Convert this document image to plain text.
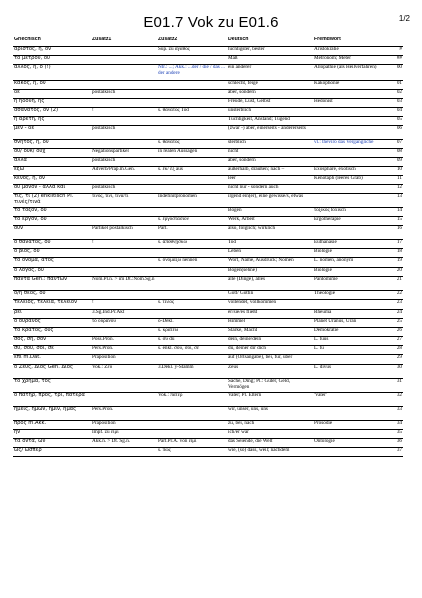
E01.7 Vok zu E01.6	1/2
Griechisch	Zusatz1	Zusatz2	Deutsch	Fremdwort	
ἄριστος, η, ον		Sup. zu ἀγαθός	tüchtigster, bester	Aristokratie	#
τὸ μέτρον, ου			Maß	Metronom; Meter	##
ἄλλος, η, ο (!)		Ntr.: ...; Akk.: ...der / die / das ... der andere	ein anderer	Allopathie (als Heilverfahren)	00
κακός, ή, όν			schlecht, feige	Kakophonie	01
δέ	postalkisch		aber, sondern		02
ἡ ἡδονή, ῆς			Freude, Lust, Gelbst	Hedonist	03
ἀθάνατος, ον (2)	!	s. θάνατος Tod	unsterblich		04
ἡ ἀρετή, ῆς			Tüchtigkeit, Anstand; Tugend		05
μέν - δέ	postalkisch		(zwar -) aber, einerseits - andererseits		06
θνητός, ή, όν		s. θάνατος	sterblich	vl.: theviro das Vergängliche	07
οὐ/ οὐκ/ οὐχ	Negationspartikel	in realen Aussagen	nicht		08
ἀλλά	postalkisch		aber, sondern		09
ἔξω	Adverb/Präp.m.Gen.	s. ἐκ/ ἐξ aus	außerhalb, draußen; nach –	Exosphäre, exotisch	10
κενός, ή, όν			leer	Kenotaph (leeres Grab)	11
οὐ μόνον - ἀλλὰ καί	postalkisch		nicht nur - sondern auch		12
τις, τι (2) enklitisch Pl. τινές/τινά	τινός, τινί, τινά/τι	Indefinitpronomen	irgend ein(er), eine gewisse/s, etwas		13
τὸ τόξον, ου			Bogen	τοξικός toxisch	14
τὸ ἔργον, ου		s. ἐργοστάσιον	Werk, Arbeit	Ergotherapie	15
οὖν	Partikel postalkisch	Part.	also, folglich; wirklich		16
ὁ θάνατος, ου	!	s. ἀποθνῄσκω	Tod	Euthanasie	17
ὁ βίος, ου			Leben	Biologie	18
τὸ ὄνομα, ατος		s. ὀνομάζω nennen	Wort, Name, Ausdruck; Nomen	L. nomen, anonym	19
ὁ λόγος, ου			Bogen(sehne)	Biologie	20
πάντα Gen.: πάντων	Nom.Pl.n. > im Dt.:Nom.Sg.n		alle (Dinge), alles	Pantomime	21
ὁ/ἡ θεός, οῦ			Gott/ Göttin	Theologie	22
τέλειος, τελεία, τέλειον	!	s. τέλος	vollendet, vollkommen		23
ῥεῖ	3.Sg.Ind.Pr.Akt		er/sie/es fließt	Rheuma	24
ὁ οὐρανός	τὸ οὐρανοῦ	o-Dekl.	Himmel	Planet Uranus, Uran	25
τὸ κράτος, ους		s. κρατέω	Stärke, Macht	Demokratie	26
σός, σή, σόν	Poss.Pron.	s. σύ du	dein, deine/dein	L. tuus	27
σύ, σοῦ, σοί, σέ	Pers.Pron.	s. enkl. σου, σοι, σε	du, deiner dir dich	L. tu	28
ἐπί m.Dat.	Präposition		auf (Ortsangabe), bei, für, über		29
ὁ Ζεύς, Διός Gen. Διός	Vok.: Ζεῦ	3.Dekl. y-Stamm	Zeus	L. divus	30
τὸ χρῆμα, τος			Sache, Ding; Pl.: Güter, Geld, Vermögen		31
ὁ πατήρ, πρός, τρί, πατέρα		Vok.: πάτερ	Vater; Pl. Eltern	'Vater'	32
ἡμεῖς, ἡμῶν, ἡμῖν, ἡμᾶς	Pers.Pron.		wir, unser, uns, uns		33
πρός m.Akk.	Präposition		zu, bei, nach	Prosodie	34
ἦν	Impf. zu εἰμί		ich/er war		35
τὰ ὄντα, ων	Akk.n. > Dt. Sg.n.	Part.Pr.A. von εἰμί	das Seiende, die Welt	Ontologie	36
ὡς/ ὥσπερ		s. πῶς	wie, (so) dass, weil; nachdem		37
